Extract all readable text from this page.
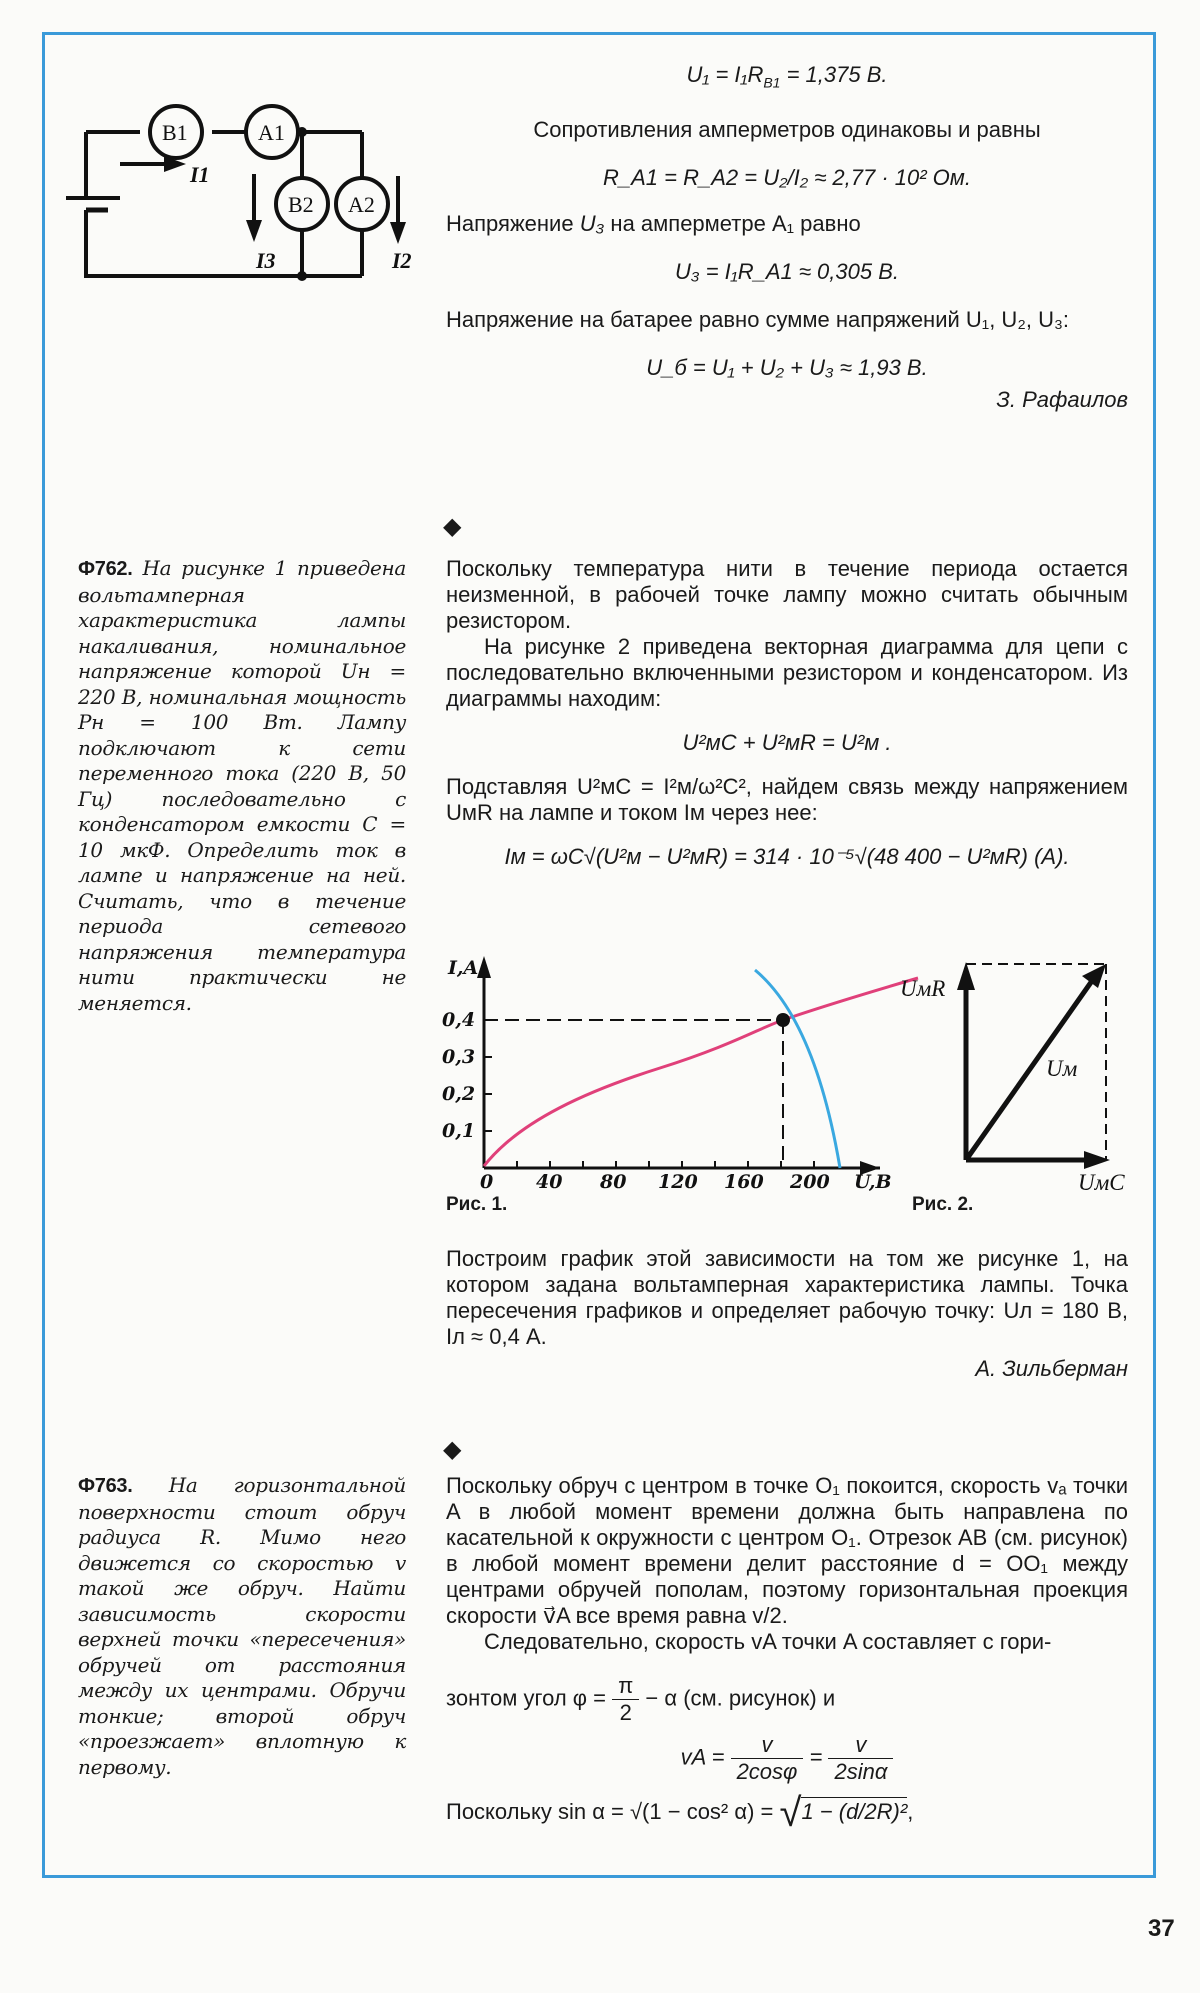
B1	A1
B2 A2
I1
I3	I2

$U_1 = I_1R_{B1} = 1,375$ В.

Сопротивления амперметров одинаковы и равны

R_A1 = R_A2 = U₂/I₂ ≈ 2,77 · 10² Ом.

Напряжение U₃ на амперметре A₁ равно

U₃ = I₁R_A1 ≈ 0,305 В.

Напряжение на батарее равно сумме напряжений U₁, U₂, U₃:

U_б = U₁ + U₂ + U₃ ≈ 1,93 В.

З. Рафаилов

◆
Ф762. На рисунке 1 приведена вольтамперная характеристика лампы накаливания, номинальное напряжение которой Uн = 220 В, номинальная мощность Pн = 100 Вт. Лампу подключают к сети переменного тока (220 В, 50 Гц) последовательно с конденсатором емкости C = 10 мкФ. Определить ток в лампе и напряжение на ней. Считать, что в течение периода сетевого напряжения температура нити практически не меняется.

Поскольку температура нити в течение периода остается неизменной, в рабочей точке лампу можно считать обычным резистором.

На рисунке 2 приведена векторная диаграмма для цепи с последовательно включенными резистором и конденсатором. Из диаграммы находим:

U²мC + U²мR = U²м .

Подставляя U²мC = I²м/ω²C², найдем связь между напряжением UмR на лампе и током Iм через нее:

Iм = ωC√(U²м − U²мR) = 314 · 10⁻⁵√(48 400 − U²мR) (A).

I,A
0,1
0,2
0,3
0,4
0 40 80 120 160 200 U,B
Рис. 1.
UмR
Uм
UмC
Рис. 2.

Построим график этой зависимости на том же рисунке 1, на котором задана вольтамперная характеристика лампы. Точка пересечения графиков и определяет рабочую точку: Uл = 180 В, Iл ≈ 0,4 А.

А. Зильберман

◆
Ф763. На горизонтальной поверхности стоит обруч радиуса R. Мимо него движется со скоростью v такой же обруч. Найти зависимость скорости верхней точки «пересечения» обручей от расстояния между их центрами. Обручи тонкие; второй обруч «проезжает» вплотную к первому.

Поскольку обруч с центром в точке O₁ покоится, скорость vₐ точки A в любой момент времени должна быть направлена по касательной к окружности с центром O₁. Отрезок AB (см. рисунок) в любой момент времени делит расстояние d = OO₁ между центрами обручей пополам, поэтому горизонтальная проекция скорости v⃗A все время равна v/2.

Следовательно, скорость vA точки A составляет с гори-

зонтом угол $\varphi = \frac{\pi}{2} - \alpha$ (см. рисунок) и

vA = $\frac{v}{2\cos\varphi} = \frac{v}{2\sin\alpha}$

Поскольку sin α = √(1 − cos² α) = √1 − (d/2R)²,

37
